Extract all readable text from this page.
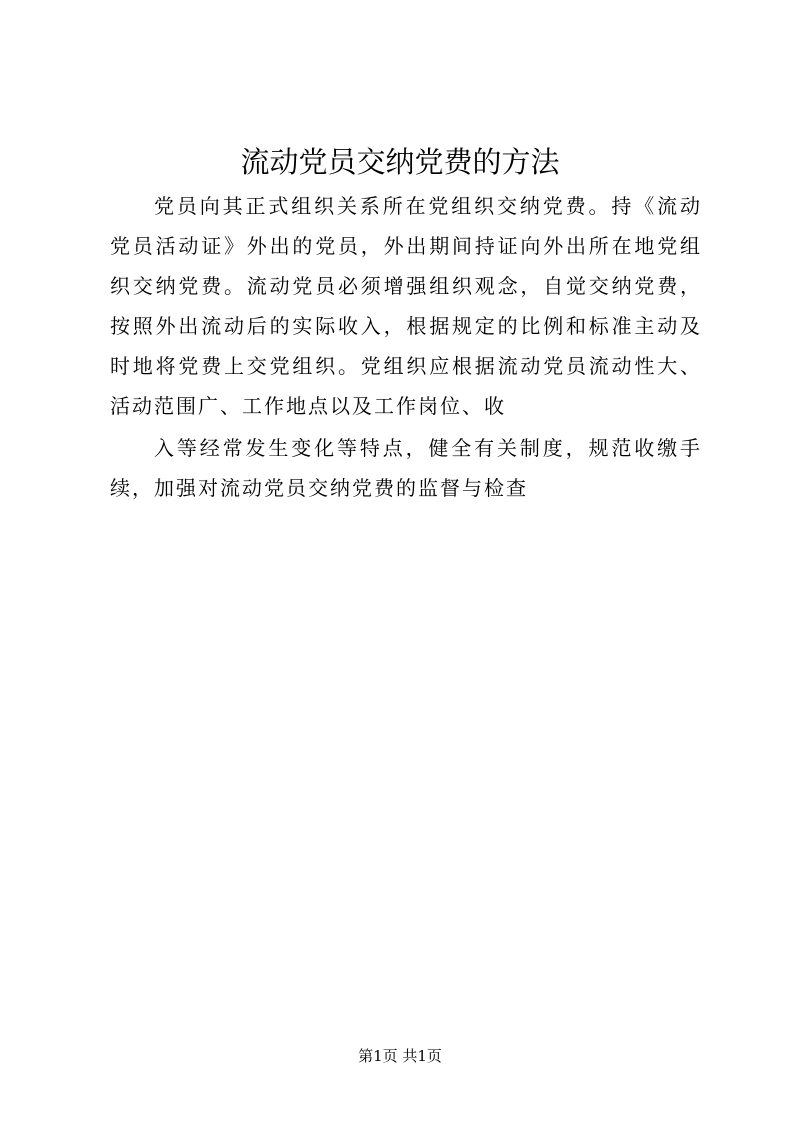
流动党员交纳党费的方法

党员向其正式组织关系所在党组织交纳党费。持《流动党员活动证》外出的党员，外出期间持证向外出所在地党组织交纳党费。流动党员必须增强组织观念，自觉交纳党费，按照外出流动后的实际收入，根据规定的比例和标准主动及时地将党费上交党组织。党组织应根据流动党员流动性大、活动范围广、工作地点以及工作岗位、收

入等经常发生变化等特点，健全有关制度，规范收缴手续，加强对流动党员交纳党费的监督与检查

第1页 共1页
